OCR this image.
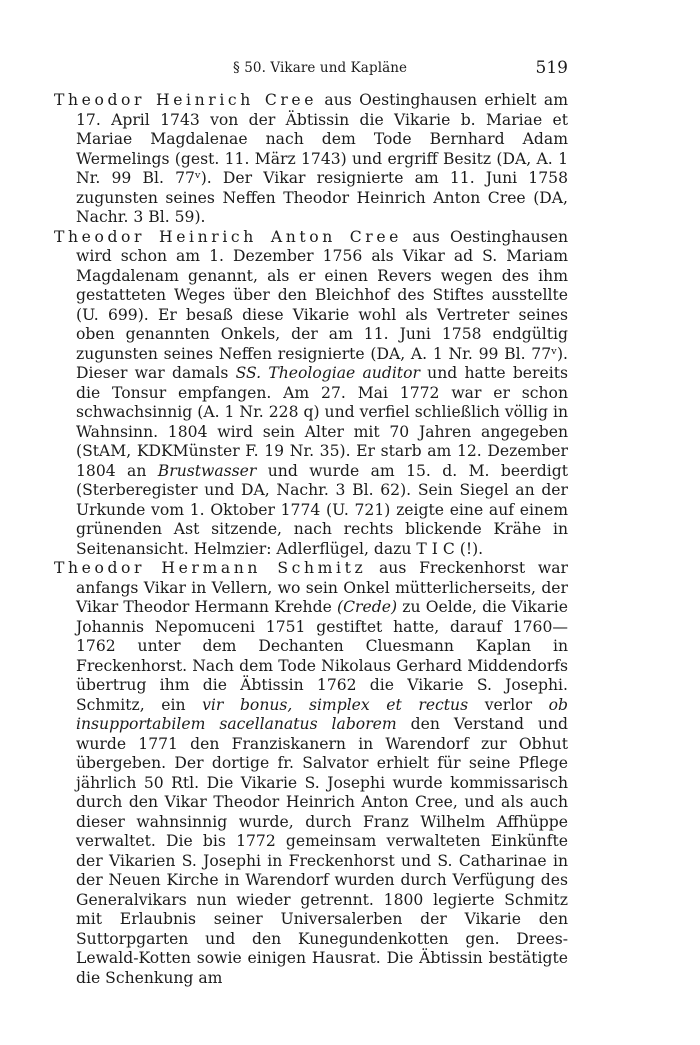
§ 50. Vikare und Kapläne	519

Theodor Heinrich Cree aus Oestinghausen erhielt am 17. April 1743 von der Äbtissin die Vikarie b. Mariae et Mariae Magdalenae nach dem Tode Bernhard Adam Wermelings (gest. 11. März 1743) und ergriff Besitz (DA, A. 1 Nr. 99 Bl. 77ᵛ). Der Vikar resignierte am 11. Juni 1758 zugunsten seines Neffen Theodor Heinrich Anton Cree (DA, Nachr. 3 Bl. 59).

Theodor Heinrich Anton Cree aus Oestinghausen wird schon am 1. Dezember 1756 als Vikar ad S. Mariam Magdalenam genannt, als er einen Revers wegen des ihm gestatteten Weges über den Bleichhof des Stiftes ausstellte (U. 699). Er besaß diese Vikarie wohl als Vertreter seines oben genannten Onkels, der am 11. Juni 1758 endgültig zugunsten seines Neffen resignierte (DA, A. 1 Nr. 99 Bl. 77ᵛ). Dieser war damals SS. Theologiae auditor und hatte bereits die Tonsur empfangen. Am 27. Mai 1772 war er schon schwachsinnig (A. 1 Nr. 228 q) und verfiel schließlich völlig in Wahnsinn. 1804 wird sein Alter mit 70 Jahren angegeben (StAM, KDKMünster F. 19 Nr. 35). Er starb am 12. Dezember 1804 an Brustwasser und wurde am 15. d. M. beerdigt (Sterberegister und DA, Nachr. 3 Bl. 62). Sein Siegel an der Urkunde vom 1. Oktober 1774 (U. 721) zeigte eine auf einem grünenden Ast sitzende, nach rechts blickende Krähe in Seitenansicht. Helmzier: Adlerflügel, dazu T I C (!).

Theodor Hermann Schmitz aus Freckenhorst war anfangs Vikar in Vellern, wo sein Onkel mütterlicherseits, der Vikar Theodor Hermann Krehde (Crede) zu Oelde, die Vikarie Johannis Nepomuceni 1751 gestiftet hatte, darauf 1760—1762 unter dem Dechanten Cluesmann Kaplan in Freckenhorst. Nach dem Tode Nikolaus Gerhard Middendorfs übertrug ihm die Äbtissin 1762 die Vikarie S. Josephi. Schmitz, ein vir bonus, simplex et rectus verlor ob insupportabilem sacellanatus laborem den Verstand und wurde 1771 den Franziskanern in Warendorf zur Obhut übergeben. Der dortige fr. Salvator erhielt für seine Pflege jährlich 50 Rtl. Die Vikarie S. Josephi wurde kommissarisch durch den Vikar Theodor Heinrich Anton Cree, und als auch dieser wahnsinnig wurde, durch Franz Wilhelm Affhüppe verwaltet. Die bis 1772 gemeinsam verwalteten Einkünfte der Vikarien S. Josephi in Freckenhorst und S. Catharinae in der Neuen Kirche in Warendorf wurden durch Verfügung des Generalvikars nun wieder getrennt. 1800 legierte Schmitz mit Erlaubnis seiner Universalerben der Vikarie den Suttorpgarten und den Kunegundenkotten gen. Drees-Lewald-Kotten sowie einigen Hausrat. Die Äbtissin bestätigte die Schenkung am
